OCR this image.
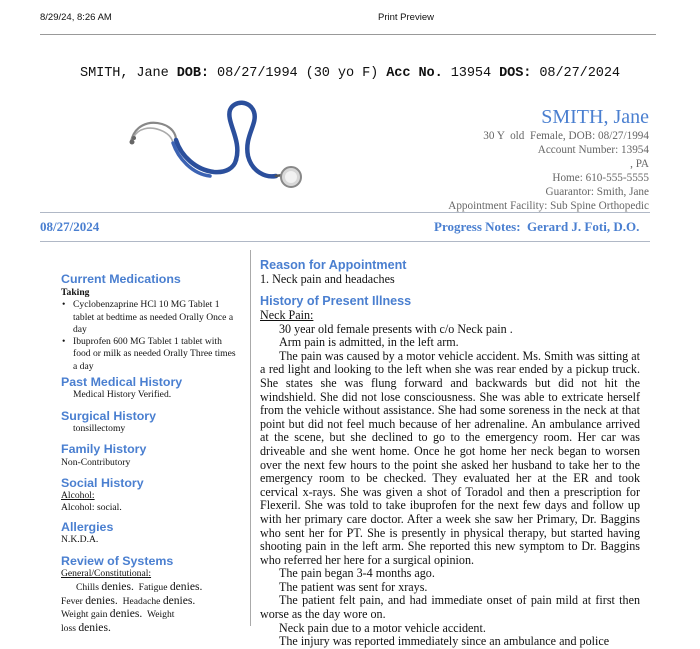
8/29/24, 8:26 AM	Print Preview
SMITH, Jane DOB: 08/27/1994 (30 yo F) Acc No. 13954 DOS: 08/27/2024
SMITH, Jane
30 Y  old  Female, DOB: 08/27/1994
Account Number: 13954
, PA
Home: 610-555-5555
Guarantor: Smith, Jane
Appointment Facility: Sub Spine Orthopedic
08/27/2024	Progress Notes: Gerard J. Foti, D.O.
Current Medications
Taking
• Cyclobenzaprine HCl 10 MG Tablet 1 tablet at bedtime as needed Orally Once a day
• Ibuprofen 600 MG Tablet 1 tablet with food or milk as needed Orally Three times a day
Past Medical History
Medical History Verified.
Surgical History
tonsillectomy
Family History
Non-Contributory
Social History
Alcohol:
Alcohol: social.
Allergies
N.K.D.A.
Review of Systems
General/Constitutional:
Chills denies. Fatigue denies.
Fever denies. Headache denies.
Weight gain denies. Weight
loss denies.
Reason for Appointment
1. Neck pain and headaches
History of Present Illness
Neck Pain:

30 year old female presents with c/o Neck pain .

Arm pain is admitted, in the left arm.

The pain was caused by a motor vehicle accident. Ms. Smith was sitting at a red light and looking to the left when she was rear ended by a pickup truck. She states she was flung forward and backwards but did not hit the windshield. She did not lose consciousness. She was able to extricate herself from the vehicle without assistance. She had some soreness in the neck at that point but did not feel much because of her adrenaline. An ambulance arrived at the scene, but she declined to go to the emergency room. Her car was driveable and she went home. Once he got home her neck began to worsen over the next few hours to the point she asked her husband to take her to the emergency room to be checked. They evaluated her at the ER and took cervical x-rays. She was given a shot of Toradol and then a prescription for Flexeril. She was told to take ibuprofen for the next few days and follow up with her primary care doctor. After a week she saw her Primary, Dr. Baggins who sent her for PT. She is presently in physical therapy, but started having shooting pain in the left arm. She reported this new symptom to Dr. Baggins who referred her here for a surgical opinion.

The pain began 3-4 months ago.

The patient was sent for xrays.

The patient felt pain, and had immediate onset of pain mild at first then worse as the day wore on.

Neck pain due to a motor vehicle accident.

The injury was reported immediately since an ambulance and police
